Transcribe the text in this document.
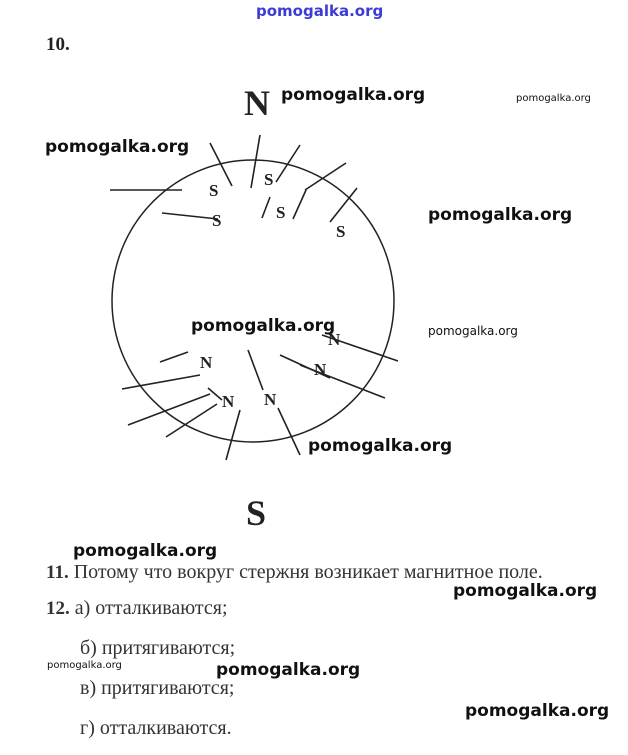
pomogalka.org
10.
N
S
S
S
S
S
S
N
N
N
N N
pomogalka.org	pomogalka.org
pomogalka.org
pomogalka.org
pomogalka.org	pomogalka.org
pomogalka.org
pomogalka.org
11. Потому что вокруг стержня возникает магнитное поле.
pomogalka.org
12. а) отталкиваются;
б) притягиваются;
pomogalka.org	pomogalka.org
в) притягиваются;
pomogalka.org
г) отталкиваются.
